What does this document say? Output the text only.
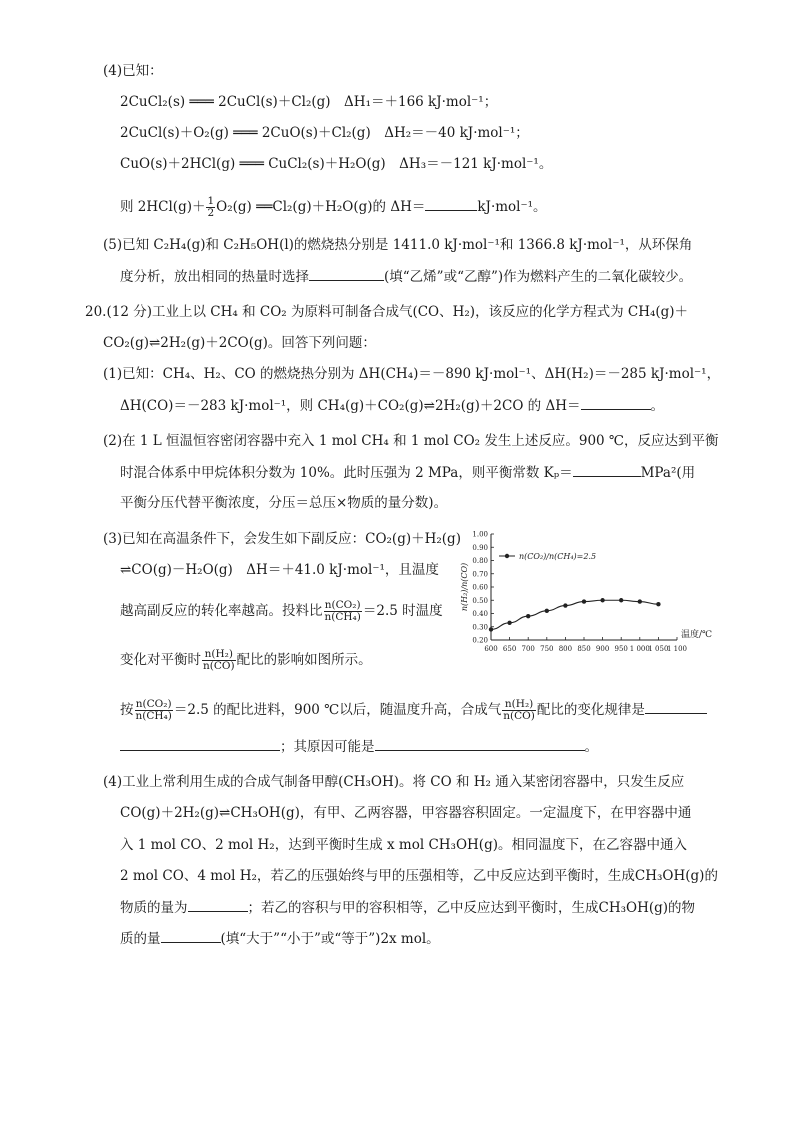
(4)已知：
2CuCl₂(s) ═══ 2CuCl(s)＋Cl₂(g)　ΔH₁＝＋166 kJ·mol⁻¹；
2CuCl(s)＋O₂(g) ═══ 2CuO(s)＋Cl₂(g)　ΔH₂＝－40 kJ·mol⁻¹；
CuO(s)＋2HCl(g) ═══ CuCl₂(s)＋H₂O(g)　ΔH₃＝－121 kJ·mol⁻¹。
则 $2HCl(g)+ \frac{1}{2} O_2(g)$ ══Cl₂(g)＋H₂O(g)的 ΔH＝	kJ·mol⁻¹。
(5)已知 C₂H₄(g)和 C₂H₅OH(l)的燃烧热分别是 1411.0 kJ·mol⁻¹和 1366.8 kJ·mol⁻¹，从环保角
度分析，放出相同的热量时选择	(填“乙烯”或“乙醇”)作为燃料产生的二氧化碳较少。
20.(12 分)工业上以 CH₄ 和 CO₂ 为原料可制备合成气(CO、H₂)，该反应的化学方程式为 CH₄(g)＋
CO₂(g)⇌2H₂(g)＋2CO(g)。回答下列问题：
(1)已知：CH₄、H₂、CO 的燃烧热分别为 ΔH(CH₄)＝－890 kJ·mol⁻¹、ΔH(H₂)＝－285 kJ·mol⁻¹，
ΔH(CO)＝－283 kJ·mol⁻¹，则 CH₄(g)＋CO₂(g)⇌2H₂(g)＋2CO 的 ΔH＝	。
(2)在 1 L 恒温恒容密闭容器中充入 1 mol CH₄ 和 1 mol CO₂ 发生上述反应。900 ℃，反应达到平衡
时混合体系中甲烷体积分数为 10%。此时压强为 2 MPa，则平衡常数 Kₚ＝	MPa²(用
平衡分压代替平衡浓度，分压＝总压×物质的量分数)。
(3)已知在高温条件下，会发生如下副反应：CO₂(g)＋H₂(g)
⇌CO(g)－H₂O(g)　ΔH＝＋41.0 kJ·mol⁻¹，且温度
越高副反应的转化率越高。投料比 $\frac{\text{n(CO₂)}}{\text{n(CH₄)}} =2.5$ 时温度
变化对平衡时 $\frac{\text{n(H₂)}}{n(CO)}$ 配比的影响如图所示。
0.20
0.30
0.40
0.50
0.60
0.70
0.80
0.90
1.00
600 650 700 750 800 850 900 950 1 000
1 050
1 100
温度/℃
n(H₂)/n(CO)
n(CO₂)/n(CH₄)=2.5
按 $\frac{\text{n(CO₂)}}{\text{n(CH₄)}} =2.5$ 的配比进料，900 ℃以后，随温度升高，合成气 $\frac{\text{n(H₂)}}{n(CO)}$ 配比的变化规律是
；其原因可能是	。
(4)工业上常利用生成的合成气制备甲醇(CH₃OH)。将 CO 和 H₂ 通入某密闭容器中，只发生反应
CO(g)＋2H₂(g)⇌CH₃OH(g)，有甲、乙两容器，甲容器容积固定。一定温度下，在甲容器中通
入 1 mol CO、2 mol H₂，达到平衡时生成 x mol CH₃OH(g)。相同温度下，在乙容器中通入
2 mol CO、4 mol H₂，若乙的压强始终与甲的压强相等，乙中反应达到平衡时，生成CH₃OH(g)的
物质的量为	；若乙的容积与甲的容积相等，乙中反应达到平衡时，生成CH₃OH(g)的物
质的量	(填“大于”“小于”或“等于”)2x mol。
